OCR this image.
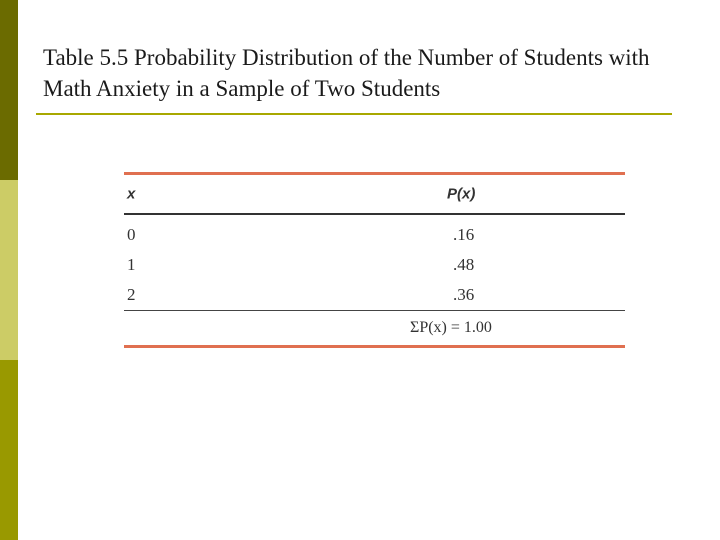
Table 5.5 Probability Distribution of the Number of Students with Math Anxiety in a Sample of Two Students
x	P(x)
0	.16
1	.48
2	.36
ΣP(x) = 1.00
